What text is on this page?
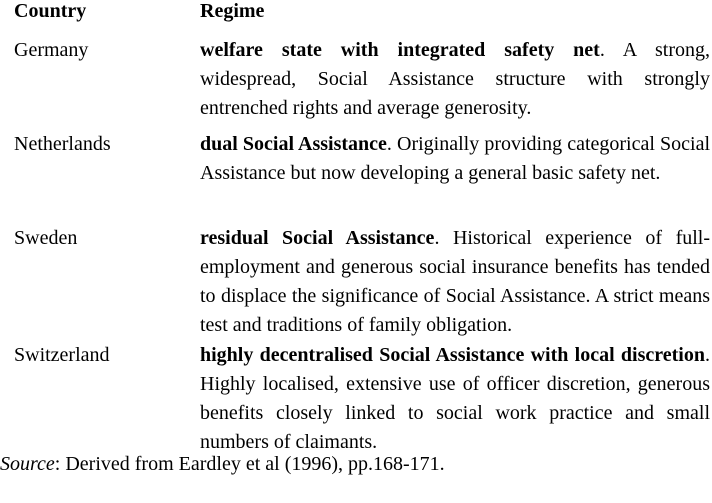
Country	Regime
Germany	welfare state with integrated safety net. A strong, widespread, Social Assistance structure with strongly entrenched rights and average generosity.
Netherlands	dual Social Assistance. Originally providing categorical Social Assistance but now developing a general basic safety net.
Sweden	residual Social Assistance. Historical experience of full-employment and generous social insurance benefits has tended to displace the significance of Social Assistance. A strict means test and traditions of family obligation.
Switzerland	highly decentralised Social Assistance with local discretion. Highly localised, extensive use of officer discretion, generous benefits closely linked to social work practice and small numbers of claimants.
Source: Derived from Eardley et al (1996), pp.168-171.
